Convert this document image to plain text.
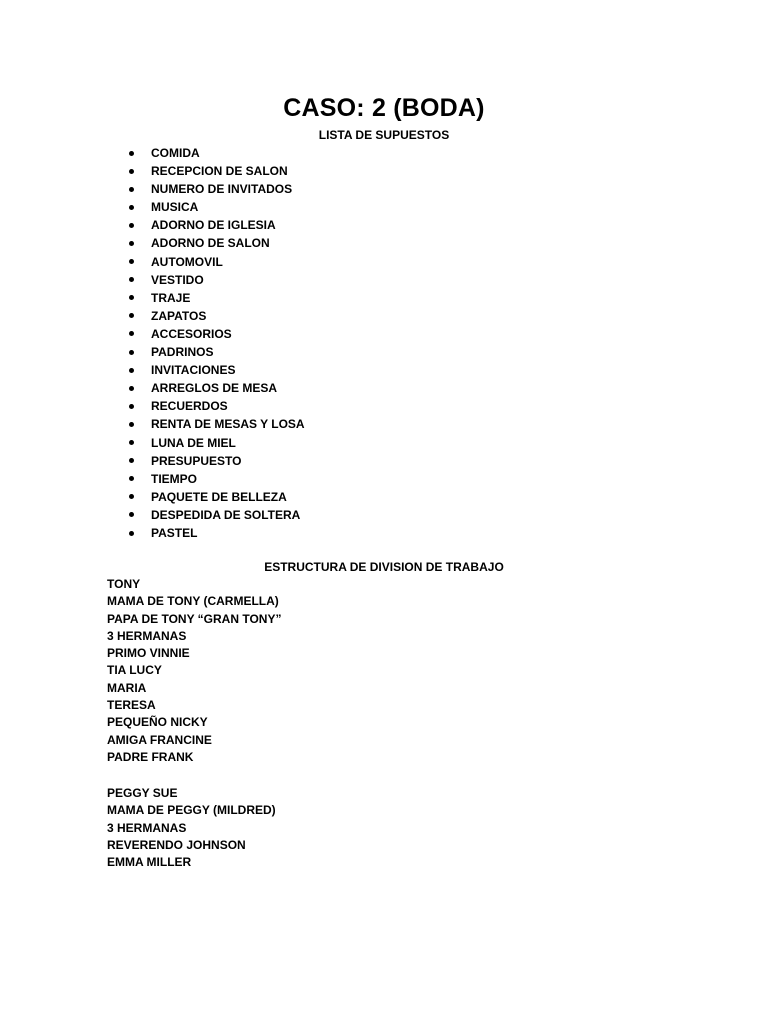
CASO: 2 (BODA)
LISTA DE SUPUESTOS
COMIDA
RECEPCION DE SALON
NUMERO DE INVITADOS
MUSICA
ADORNO DE IGLESIA
ADORNO DE SALON
AUTOMOVIL
VESTIDO
TRAJE
ZAPATOS
ACCESORIOS
PADRINOS
INVITACIONES
ARREGLOS DE MESA
RECUERDOS
RENTA DE MESAS Y LOSA
LUNA DE MIEL
PRESUPUESTO
TIEMPO
PAQUETE DE BELLEZA
DESPEDIDA DE SOLTERA
PASTEL
ESTRUCTURA DE DIVISION DE TRABAJO
TONY
MAMA DE TONY (CARMELLA)
PAPA DE TONY “GRAN TONY”
3 HERMANAS
PRIMO VINNIE
TIA LUCY
MARIA
TERESA
PEQUEÑO NICKY
AMIGA FRANCINE
PADRE FRANK
PEGGY SUE
MAMA DE PEGGY (MILDRED)
3 HERMANAS
REVERENDO JOHNSON
EMMA MILLER
